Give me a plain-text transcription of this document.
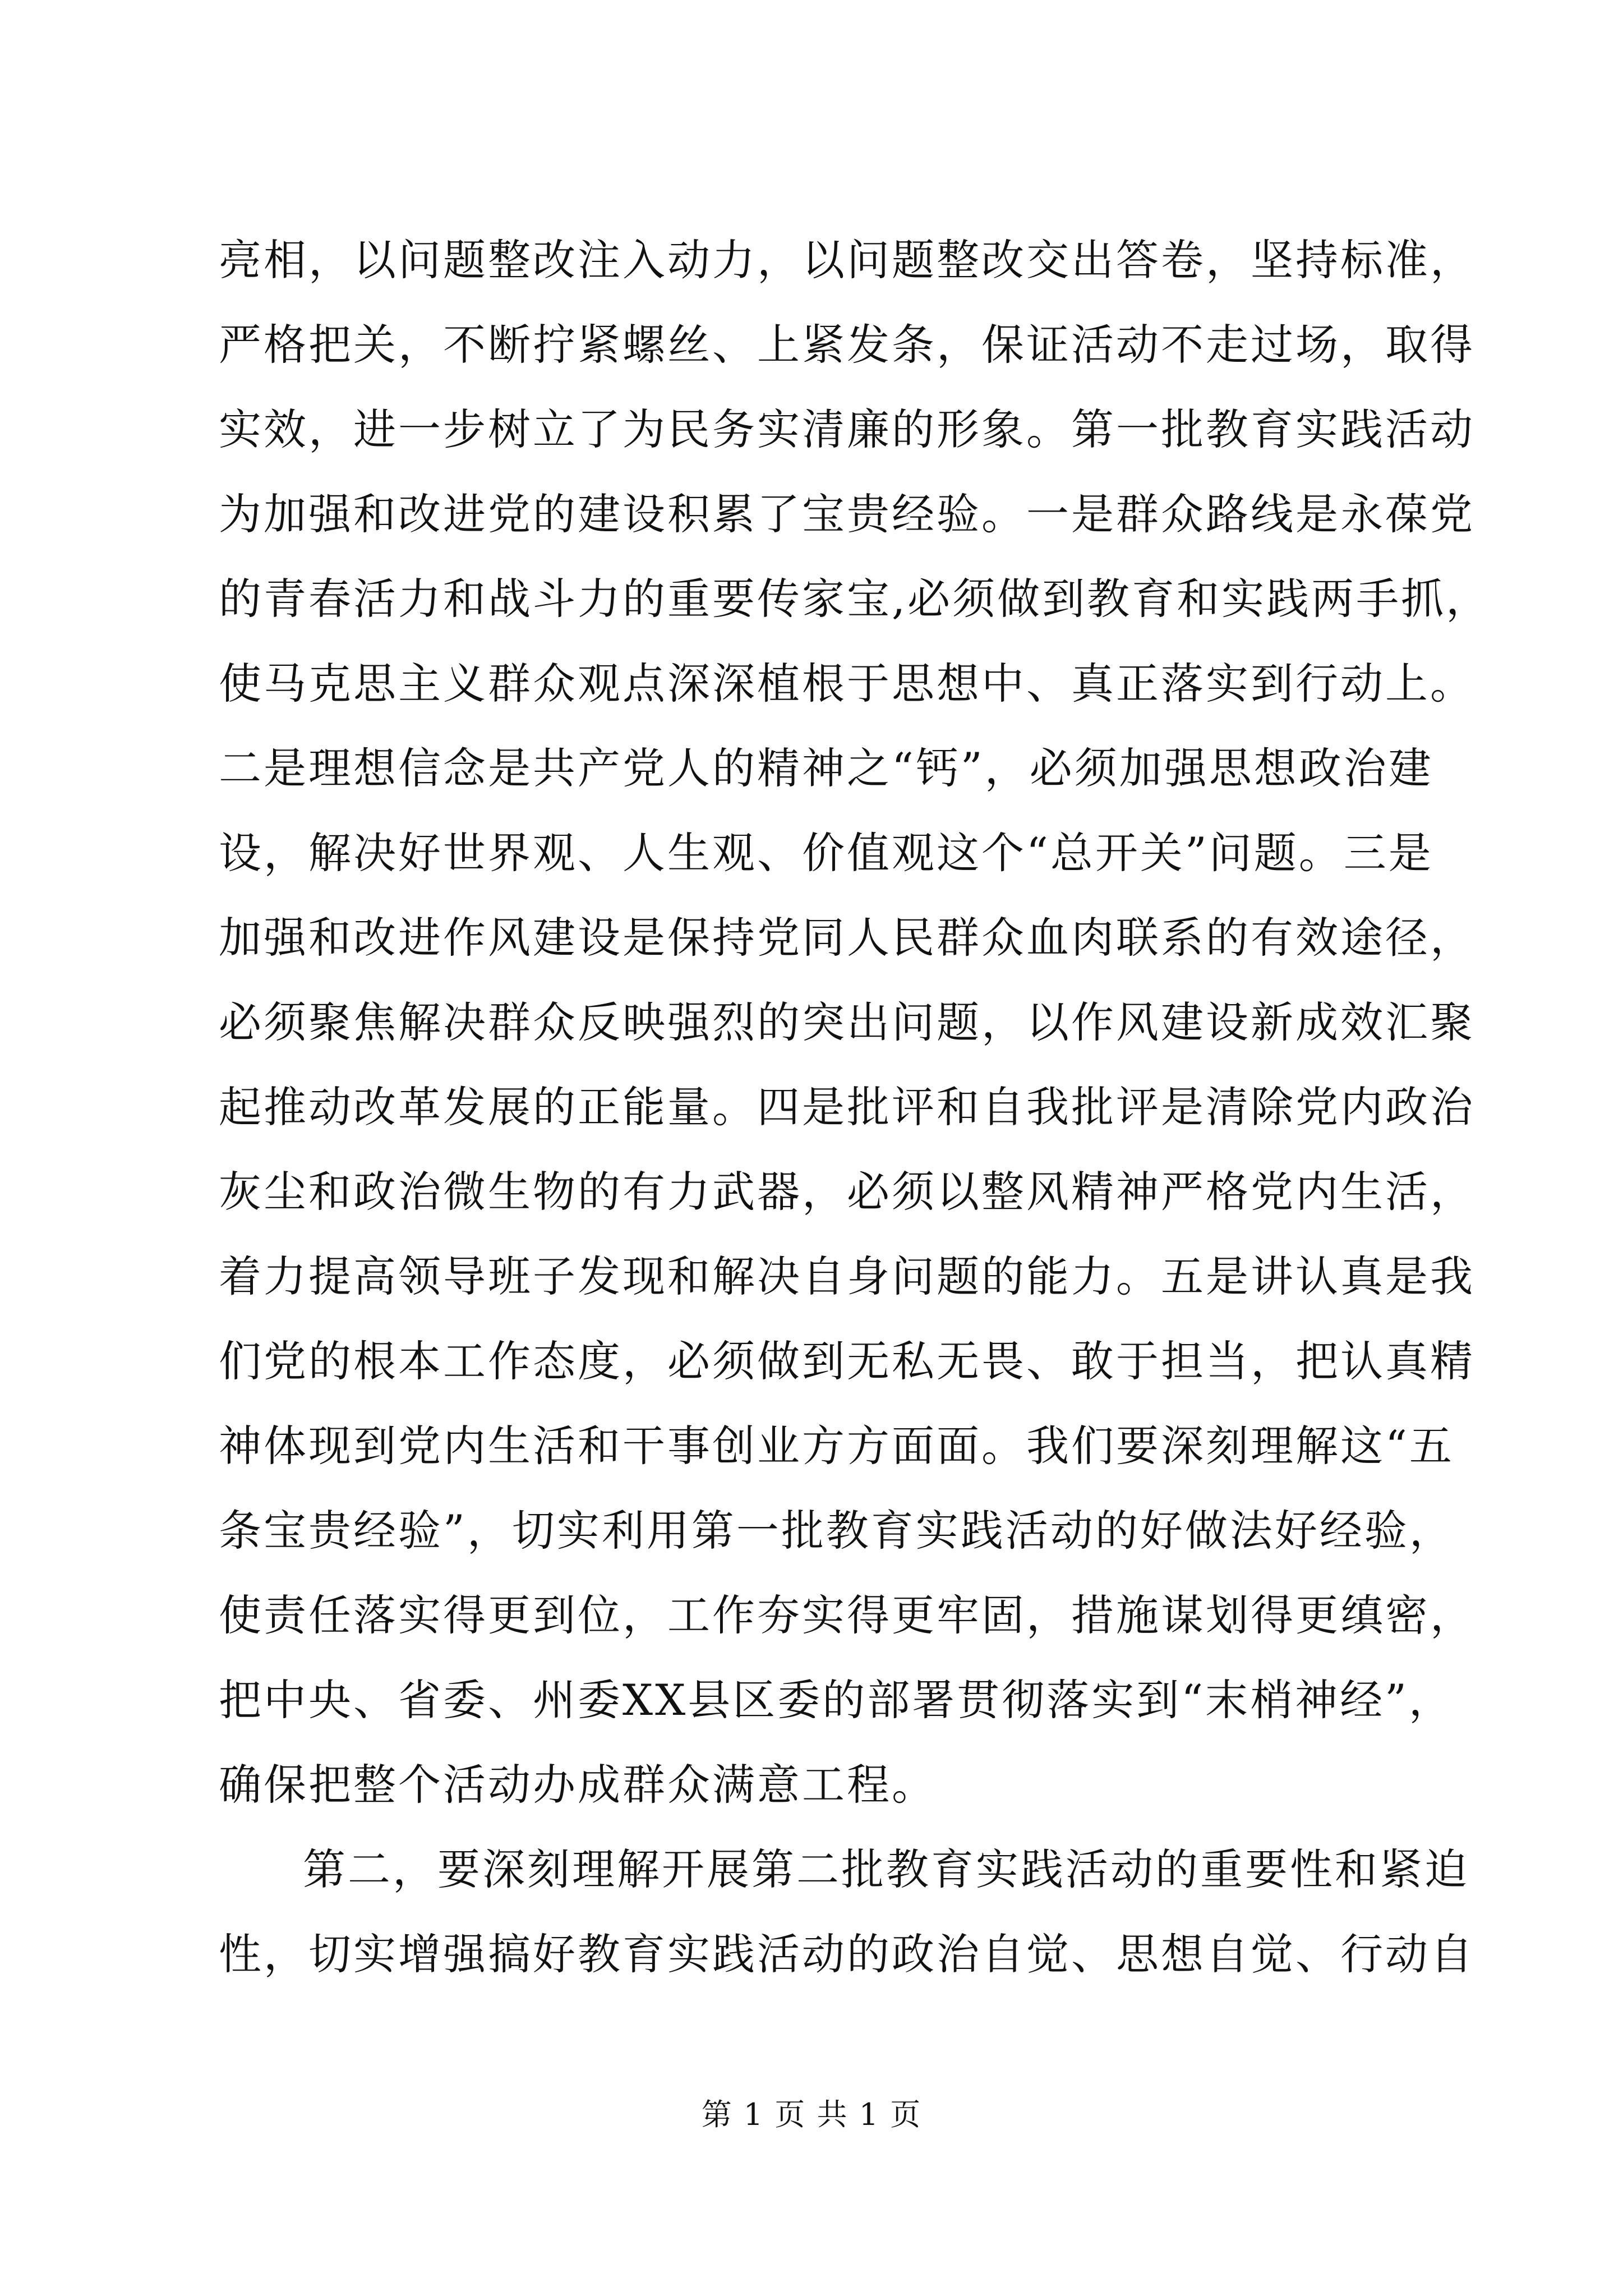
亮相，以问题整改注入动力，以问题整改交出答卷，坚持标准，
严格把关，不断拧紧螺丝、上紧发条，保证活动不走过场，取得
实效，进一步树立了为民务实清廉的形象。第一批教育实践活动
为加强和改进党的建设积累了宝贵经验。一是群众路线是永葆党
的青春活力和战斗力的重要传家宝,必须做到教育和实践两手抓，
使马克思主义群众观点深深植根于思想中、真正落实到行动上。
二是理想信念是共产党人的精神之“钙”，必须加强思想政治建
设，解决好世界观、人生观、价值观这个“总开关”问题。三是
加强和改进作风建设是保持党同人民群众血肉联系的有效途径，
必须聚焦解决群众反映强烈的突出问题，以作风建设新成效汇聚
起推动改革发展的正能量。四是批评和自我批评是清除党内政治
灰尘和政治微生物的有力武器，必须以整风精神严格党内生活，
着力提高领导班子发现和解决自身问题的能力。五是讲认真是我
们党的根本工作态度，必须做到无私无畏、敢于担当，把认真精
神体现到党内生活和干事创业方方面面。我们要深刻理解这“五
条宝贵经验”，切实利用第一批教育实践活动的好做法好经验，
使责任落实得更到位，工作夯实得更牢固，措施谋划得更缜密，
把中央、省委、州委XX县区委的部署贯彻落实到“末梢神经”，
确保把整个活动办成群众满意工程。
第二，要深刻理解开展第二批教育实践活动的重要性和紧迫
性，切实增强搞好教育实践活动的政治自觉、思想自觉、行动自
第 1 页 共 1 页
